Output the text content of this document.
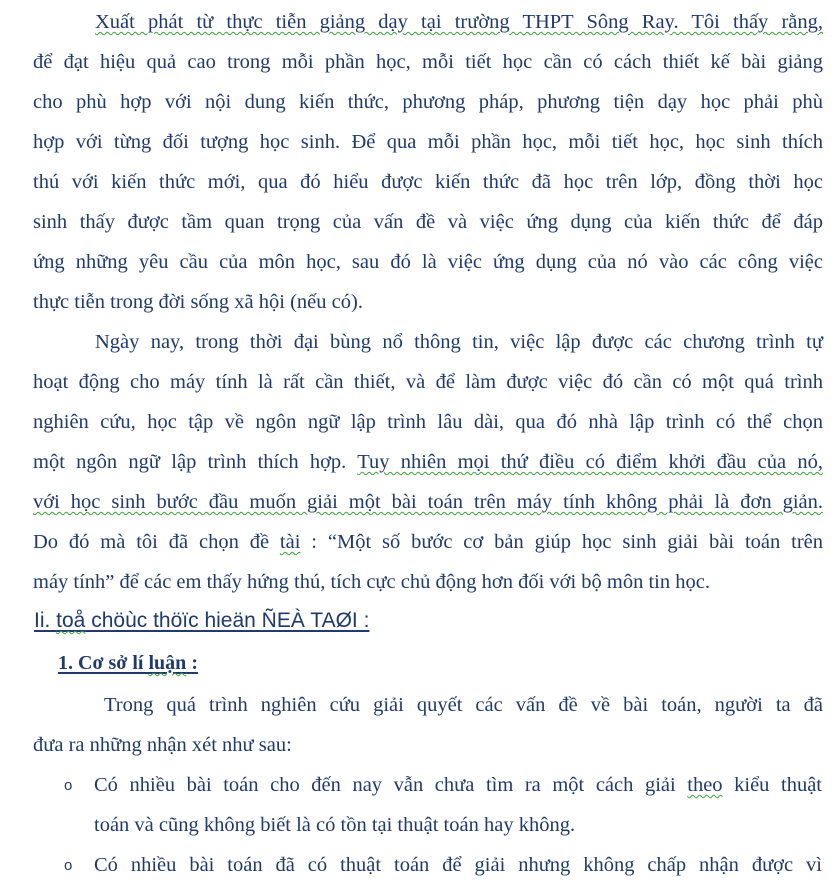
Xuất phát từ thực tiễn giảng dạy tại trường THPT Sông Ray. Tôi thấy rằng,
để đạt hiệu quả cao trong mỗi phần học, mỗi tiết học cần có cách thiết kế bài giảng
cho phù hợp với nội dung kiến thức, phương pháp, phương tiện dạy học phải phù
hợp với từng đối tượng học sinh. Để qua mỗi phần học, mỗi tiết học, học sinh thích
thú với kiến thức mới, qua đó hiểu được kiến thức đã học trên lớp, đồng thời học
sinh thấy được tầm quan trọng của vấn đề và việc ứng dụng của kiến thức để đáp
ứng những yêu cầu của môn học, sau đó là việc ứng dụng của nó vào các công việc
thực tiễn trong đời sống xã hội (nếu có).
Ngày nay, trong thời đại bùng nổ thông tin, việc lập được các chương trình tự
hoạt động cho máy tính là rất cần thiết, và để làm được việc đó cần có một quá trình
nghiên cứu, học tập về ngôn ngữ lập trình lâu dài, qua đó nhà lập trình có thể chọn
một ngôn ngữ lập trình thích hợp. Tuy nhiên mọi thứ điều có điểm khởi đầu của nó,
với học sinh bước đầu muốn giải một bài toán trên máy tính không phải là đơn giản.
Do đó mà tôi đã chọn đề tài : “Một số bước cơ bản giúp học sinh giải bài toán trên
máy tính” để các em thấy hứng thú, tích cực chủ động hơn đối với bộ môn tin học.
Ii. toå chöùc thöïc hieän ÑEÀ TAØI :
1. Cơ sở lí luận :
Trong quá trình nghiên cứu giải quyết các vấn đề về bài toán, người ta đã
đưa ra những nhận xét như sau:
o Có nhiều bài toán cho đến nay vẫn chưa tìm ra một cách giải theo kiểu thuật
toán và cũng không biết là có tồn tại thuật toán hay không.
o Có nhiều bài toán đã có thuật toán để giải nhưng không chấp nhận được vì
